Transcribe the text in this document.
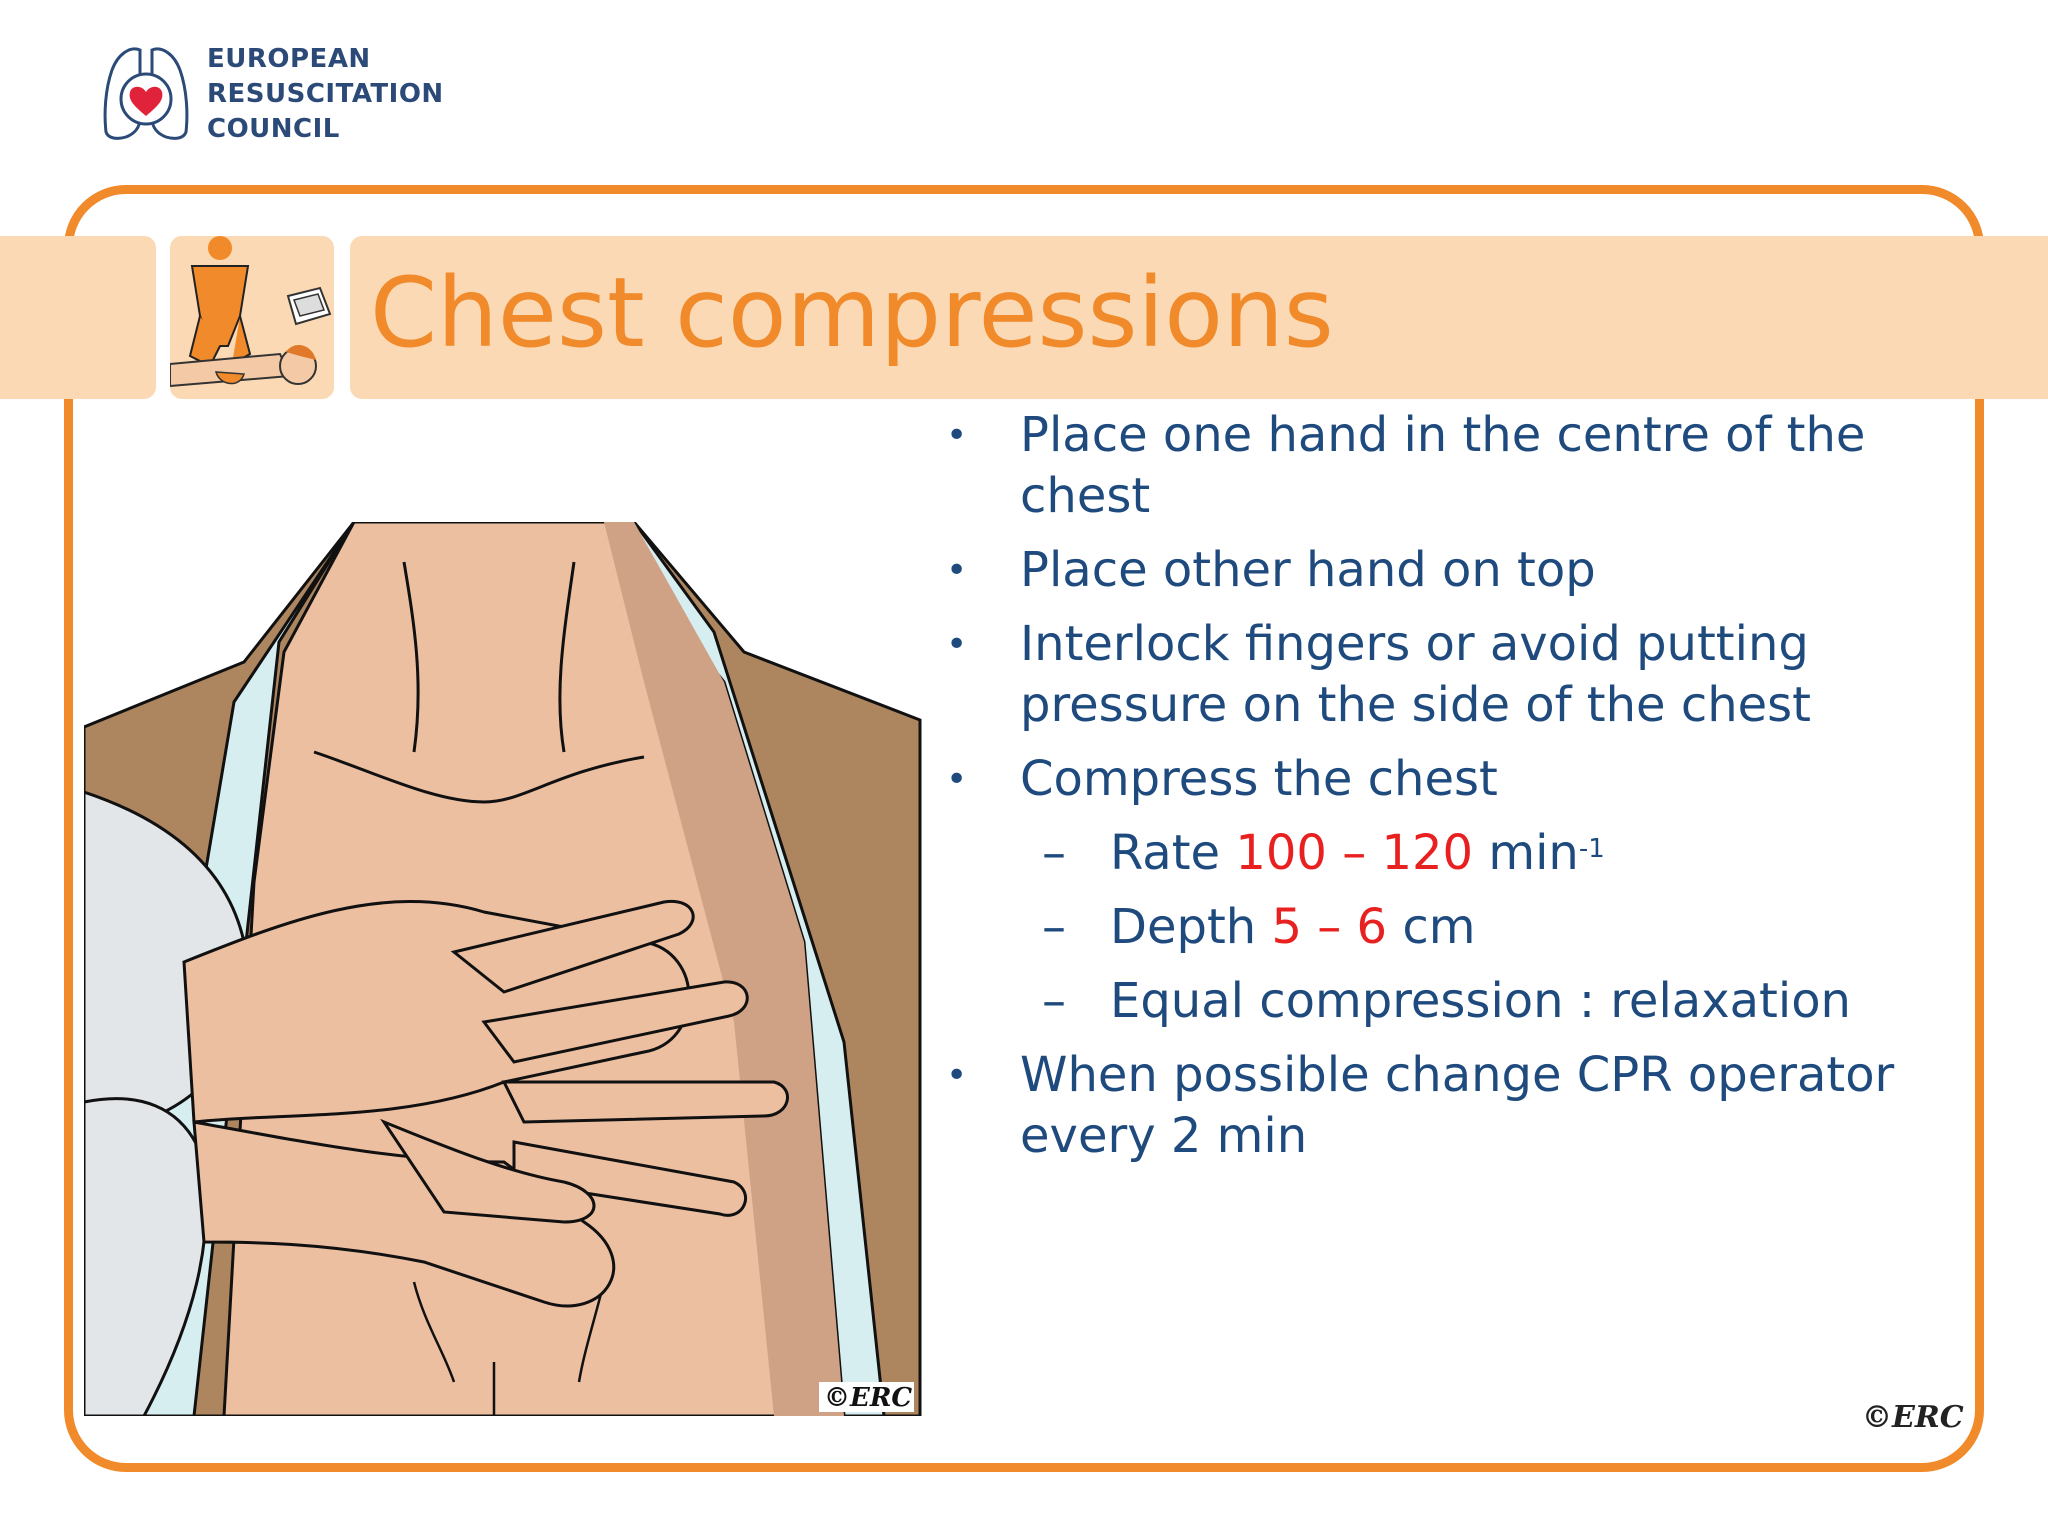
EUROPEAN
RESUSCITATION
COUNCIL
Chest compressions
©ERC
• Place one hand in the centre of the chest
• Place other hand on top
• Interlock fingers or avoid putting pressure on the side of the chest
• Compress the chest
– Rate 100 – 120 $\min^{-1}$
– Depth 5 – 6 cm
– Equal compression : relaxation
• When possible change CPR operator every 2 min
©ERC
